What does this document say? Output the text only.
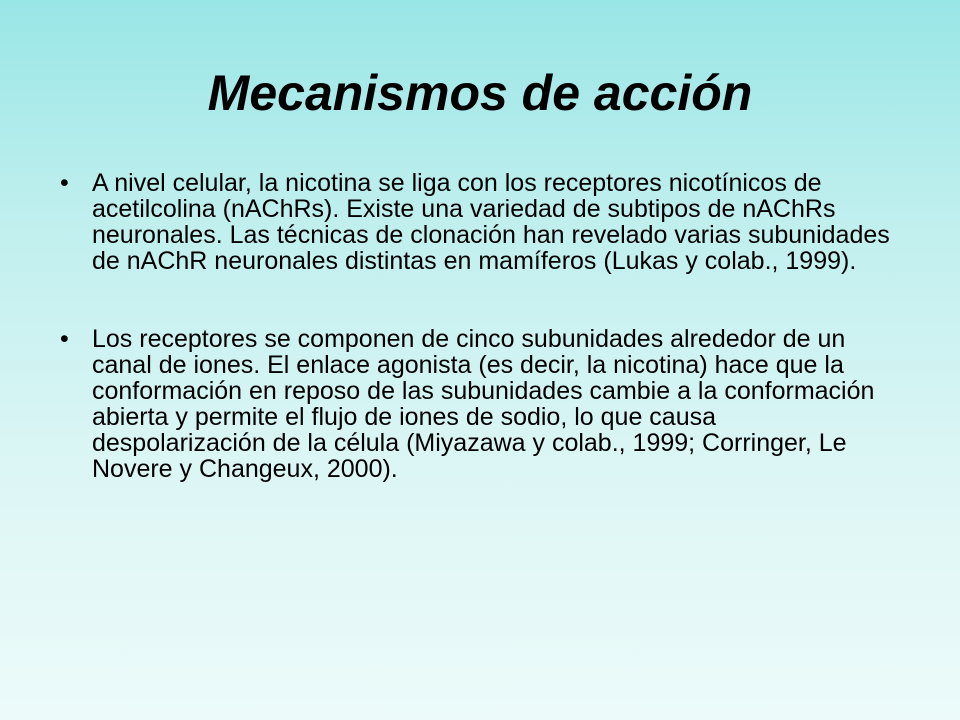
Mecanismos de acción
• A nivel celular, la nicotina se liga con los receptores nicotínicos de acetilcolina (nAChRs). Existe una variedad de subtipos de nAChRs neuronales. Las técnicas de clonación han revelado varias subunidades de nAChR neuronales distintas en mamíferos (Lukas y colab., 1999).
• Los receptores se componen de cinco subunidades alrededor de un canal de iones. El enlace agonista (es decir, la nicotina) hace que la conformación en reposo de las subunidades cambie a la conformación abierta y permite el flujo de iones de sodio, lo que causa despolarización de la célula (Miyazawa y colab., 1999; Corringer, Le Novere y Changeux, 2000).
